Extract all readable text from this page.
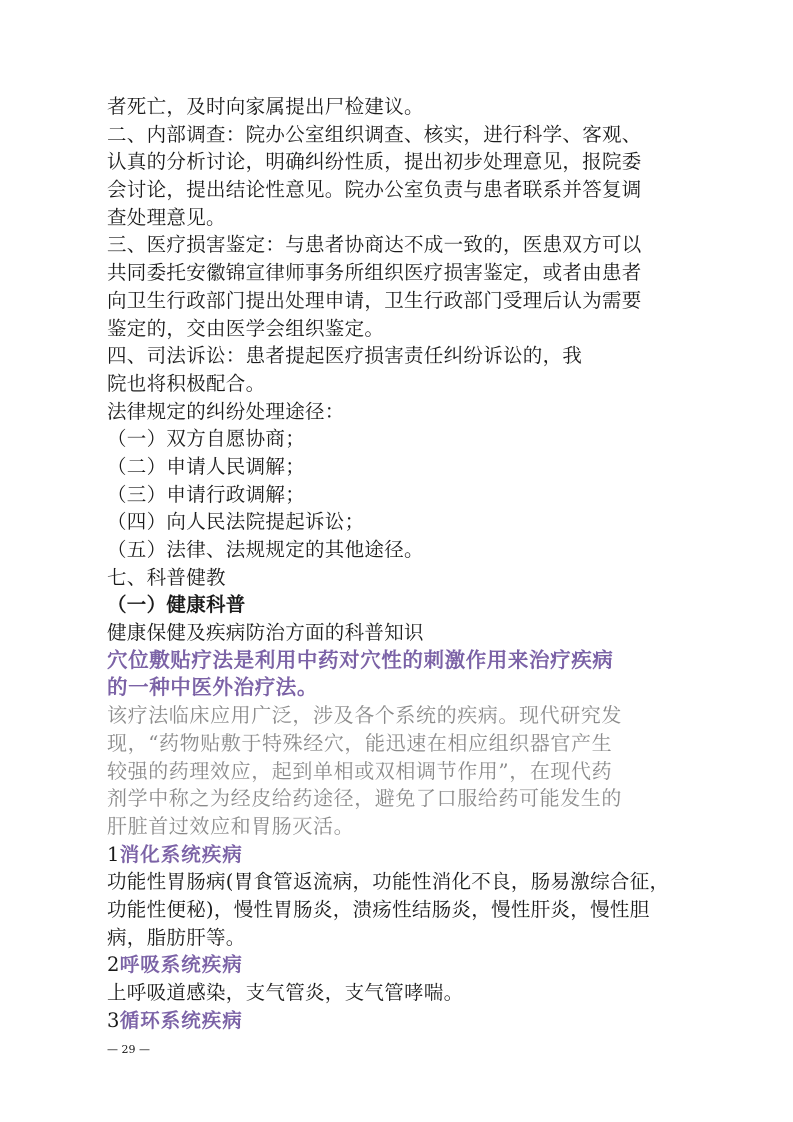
者死亡，及时向家属提出尸检建议。
二、内部调查：院办公室组织调查、核实，进行科学、客观、
认真的分析讨论，明确纠纷性质，提出初步处理意见，报院委
会讨论，提出结论性意见。院办公室负责与患者联系并答复调
查处理意见。
三、医疗损害鉴定：与患者协商达不成一致的，医患双方可以
共同委托安徽锦宣律师事务所组织医疗损害鉴定，或者由患者
向卫生行政部门提出处理申请，卫生行政部门受理后认为需要
鉴定的，交由医学会组织鉴定。
四、司法诉讼：患者提起医疗损害责任纠纷诉讼的，我
院也将积极配合。
法律规定的纠纷处理途径：
（一）双方自愿协商；
（二）申请人民调解；
（三）申请行政调解；
（四）向人民法院提起诉讼；
（五）法律、法规规定的其他途径。
七、科普健教
（一）健康科普
健康保健及疾病防治方面的科普知识
穴位敷贴疗法是利用中药对穴性的刺激作用来治疗疾病
的一种中医外治疗法。
该疗法临床应用广泛，涉及各个系统的疾病。现代研究发
现，“药物贴敷于特殊经穴，能迅速在相应组织器官产生
较强的药理效应，起到单相或双相调节作用”，在现代药
剂学中称之为经皮给药途径，避免了口服给药可能发生的
肝脏首过效应和胃肠灭活。
1消化系统疾病
功能性胃肠病(胃食管返流病，功能性消化不良，肠易激综合征，
功能性便秘)，慢性胃肠炎，溃疡性结肠炎，慢性肝炎，慢性胆
病，脂肪肝等。
2呼吸系统疾病
上呼吸道感染，支气管炎，支气管哮喘。
3循环系统疾病
— 29 —
